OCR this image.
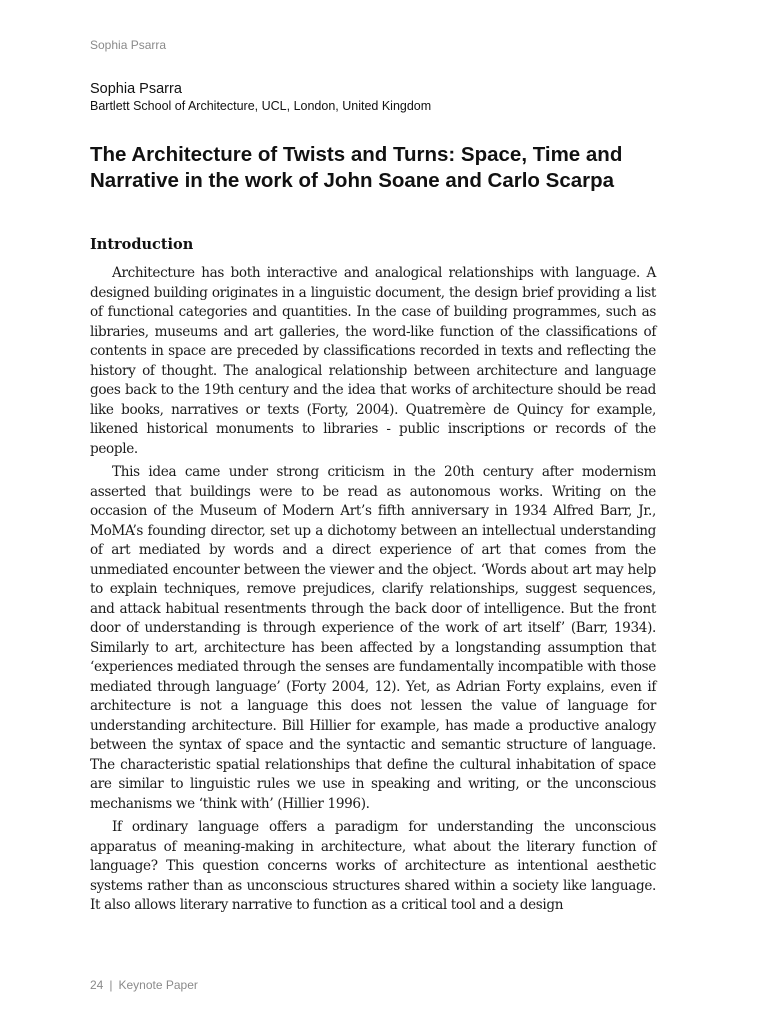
Sophia Psarra
Sophia Psarra
Bartlett School of Architecture, UCL, London, United Kingdom
The Architecture of Twists and Turns: Space, Time and Narrative in the work of John Soane and Carlo Scarpa
Introduction

Architecture has both interactive and analogical relationships with language. A designed building originates in a linguistic document, the design brief providing a list of functional categories and quantities. In the case of building programmes, such as libraries, museums and art galleries, the word-like function of the classifications of contents in space are preceded by classifications recorded in texts and reflecting the history of thought. The analogical relationship between architecture and language goes back to the 19th century and the idea that works of architecture should be read like books, narratives or texts (Forty, 2004). Quatremère de Quincy for example, likened historical monuments to libraries - public inscriptions or records of the people.

This idea came under strong criticism in the 20th century after modernism asserted that buildings were to be read as autonomous works. Writing on the occasion of the Museum of Modern Art’s fifth anniversary in 1934 Alfred Barr, Jr., MoMA’s founding director, set up a dichotomy between an intellectual understanding of art mediated by words and a direct experience of art that comes from the unmediated encounter between the viewer and the object. ‘Words about art may help to explain techniques, remove prejudices, clarify relationships, suggest sequences, and attack habitual resentments through the back door of intelligence. But the front door of understanding is through experience of the work of art itself’ (Barr, 1934). Similarly to art, architecture has been affected by a longstanding assumption that ‘experiences mediated through the senses are fundamentally incompatible with those mediated through language’ (Forty 2004, 12). Yet, as Adrian Forty explains, even if architecture is not a language this does not lessen the value of language for understanding architecture. Bill Hillier for example, has made a productive analogy between the syntax of space and the syntactic and semantic structure of language. The characteristic spatial relationships that define the cultural inhabitation of space are similar to linguistic rules we use in speaking and writing, or the unconscious mechanisms we ‘think with’ (Hillier 1996).

If ordinary language offers a paradigm for understanding the unconscious apparatus of meaning-making in architecture, what about the literary function of language? This question concerns works of architecture as intentional aesthetic systems rather than as unconscious structures shared within a society like language. It also allows literary narrative to function as a critical tool and a design

24 | Keynote Paper
